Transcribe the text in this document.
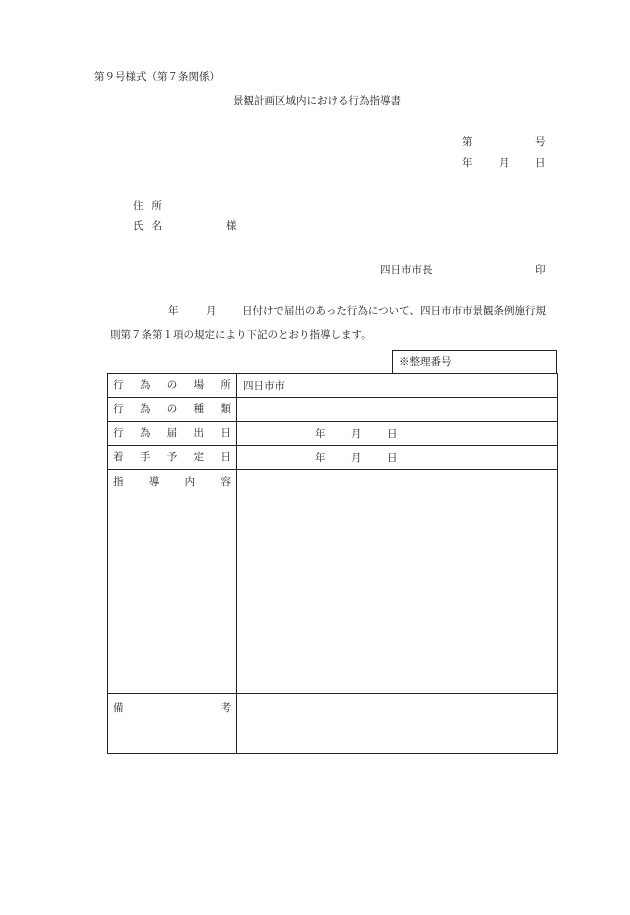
第９号様式（第７条関係）
景観計画区域内における行為指導書
第	号
年	月 日
住所
氏名	様
四日市市長	印
年	月 日付けで届出のあった行為について、四日市市市景観条例施行規
則第７条第１項の規定により下記のとおり指導します。
※整理番号
行 為 の 場 所	四日市市

行 為 の 種 類	

行 為 届 出 日	年 月 日

着 手 予 定 日	年 月 日

指 導 内 容	

備 考	
